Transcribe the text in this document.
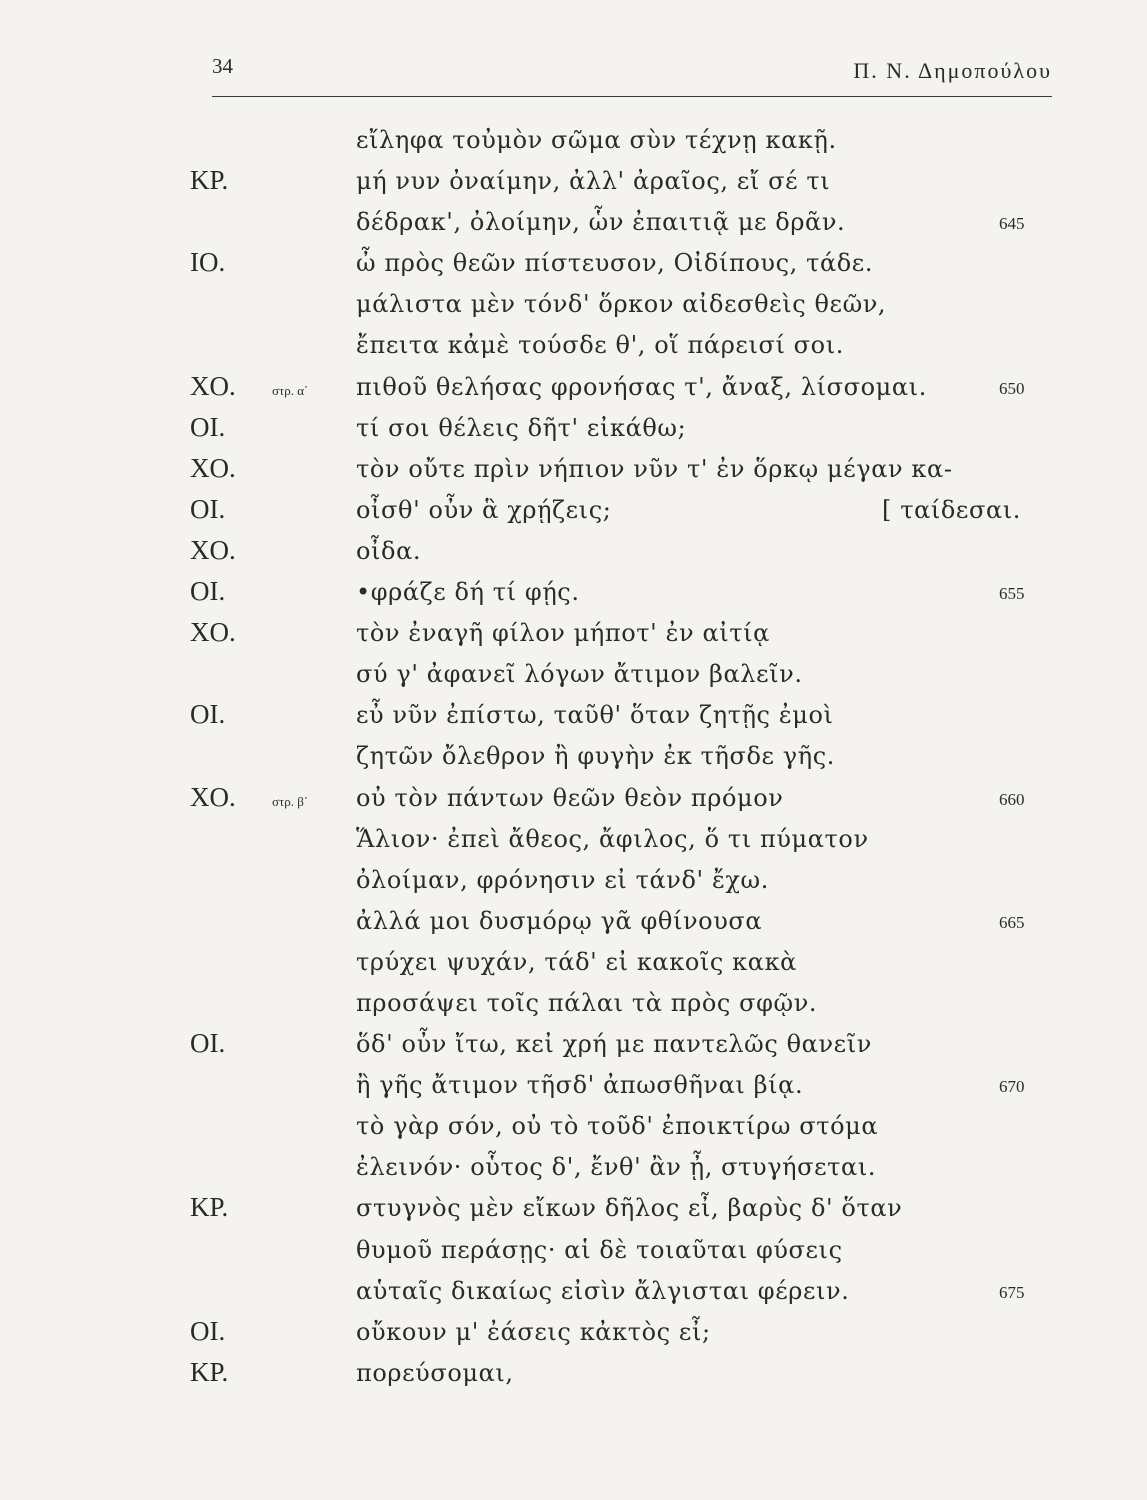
34	Π. Ν. Δημοπούλου
εἴληφα τοὐμὸν σῶμα σὺν τέχνῃ κακῇ.
ΚΡ.	μή νυν ὀναίμην, ἀλλ' ἀραῖος, εἴ σέ τι
δέδρακ', ὀλοίμην, ὧν ἐπαιτιᾷ με δρᾶν.	645
ΙΟ.	ὦ πρὸς θεῶν πίστευσον, Οἰδίπους, τάδε.
μάλιστα μὲν τόνδ' ὅρκον αἰδεσθεὶς θεῶν,
ἔπειτα κἀμὲ τούσδε θ', οἵ πάρεισί σοι.
ΧΟ.	στρ. α΄ πιθοῦ θελήσας φρονήσας τ', ἄναξ, λίσσομαι.	650
ΟΙ.	τί σοι θέλεις δῆτ' εἰκάθω;
ΧΟ.	τὸν οὔτε πρὶν νήπιον νῦν τ' ἐν ὅρκῳ μέγαν κα-
ΟΙ.	οἶσθ' οὖν ἃ χρῄζεις;	[ ταίδεσαι.
ΧΟ.	οἶδα.
ΟΙ.	•φράζε δή τί φῄς.	655
ΧΟ.	τὸν ἐναγῆ φίλον μήποτ' ἐν αἰτίᾳ
σύ γ' ἀφανεῖ λόγων ἄτιμον βαλεῖν.
ΟΙ.	εὖ νῦν ἐπίστω, ταῦθ' ὅταν ζητῇς ἐμοὶ
ζητῶν ὄλεθρον ἢ φυγὴν ἐκ τῆσδε γῆς.
ΧΟ.	στρ. β΄ οὐ τὸν πάντων θεῶν θεὸν πρόμον	660
Ἅλιον· ἐπεὶ ἄθεος, ἄφιλος, ὅ τι πύματον
ὀλοίμαν, φρόνησιν εἰ τάνδ' ἔχω.
ἀλλά μοι δυσμόρῳ γᾶ φθίνουσα	665
τρύχει ψυχάν, τάδ' εἰ κακοῖς κακὰ
προσάψει τοῖς πάλαι τὰ πρὸς σφῷν.
ΟΙ.	ὅδ' οὖν ἴτω, κεἰ χρή με παντελῶς θανεῖν
ἢ γῆς ἄτιμον τῆσδ' ἀπωσθῆναι βίᾳ.	670
τὸ γὰρ σόν, οὐ τὸ τοῦδ' ἐποικτίρω στόμα
ἐλεινόν· οὗτος δ', ἔνθ' ἂν ᾖ, στυγήσεται.
ΚΡ.	στυγνὸς μὲν εἴκων δῆλος εἶ, βαρὺς δ' ὅταν
θυμοῦ περάσῃς· αἱ δὲ τοιαῦται φύσεις
αὑταῖς δικαίως εἰσὶν ἄλγισται φέρειν.	675
ΟΙ.	οὔκουν μ' ἐάσεις κἀκτὸς εἶ;
ΚΡ.	πορεύσομαι,
